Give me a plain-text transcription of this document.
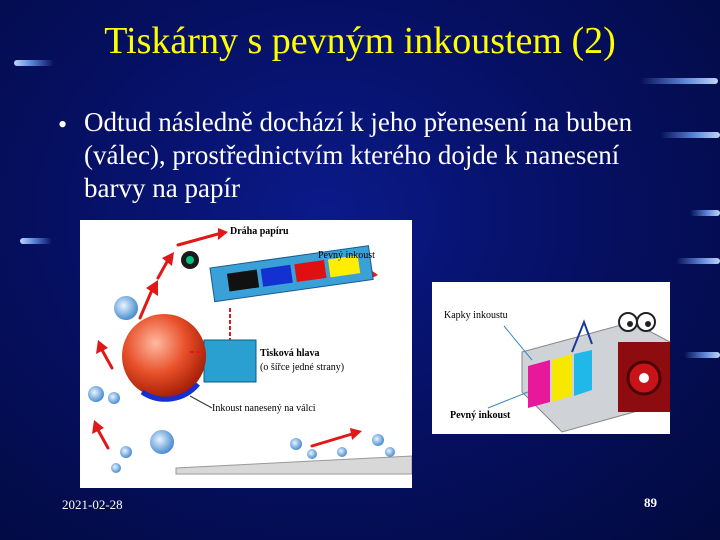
Tiskárny s pevným inkoustem (2)
• Odtud následně dochází k jeho přenesení na buben (válec), prostřednictvím kterého dojde k nanesení barvy na papír
Dráha papíru
Pevný inkoust
Tisková hlava
(o šířce jedné strany)
Inkoust nanesený na válci
Kapky inkoustu
Pevný inkoust
2021-02-28	89
